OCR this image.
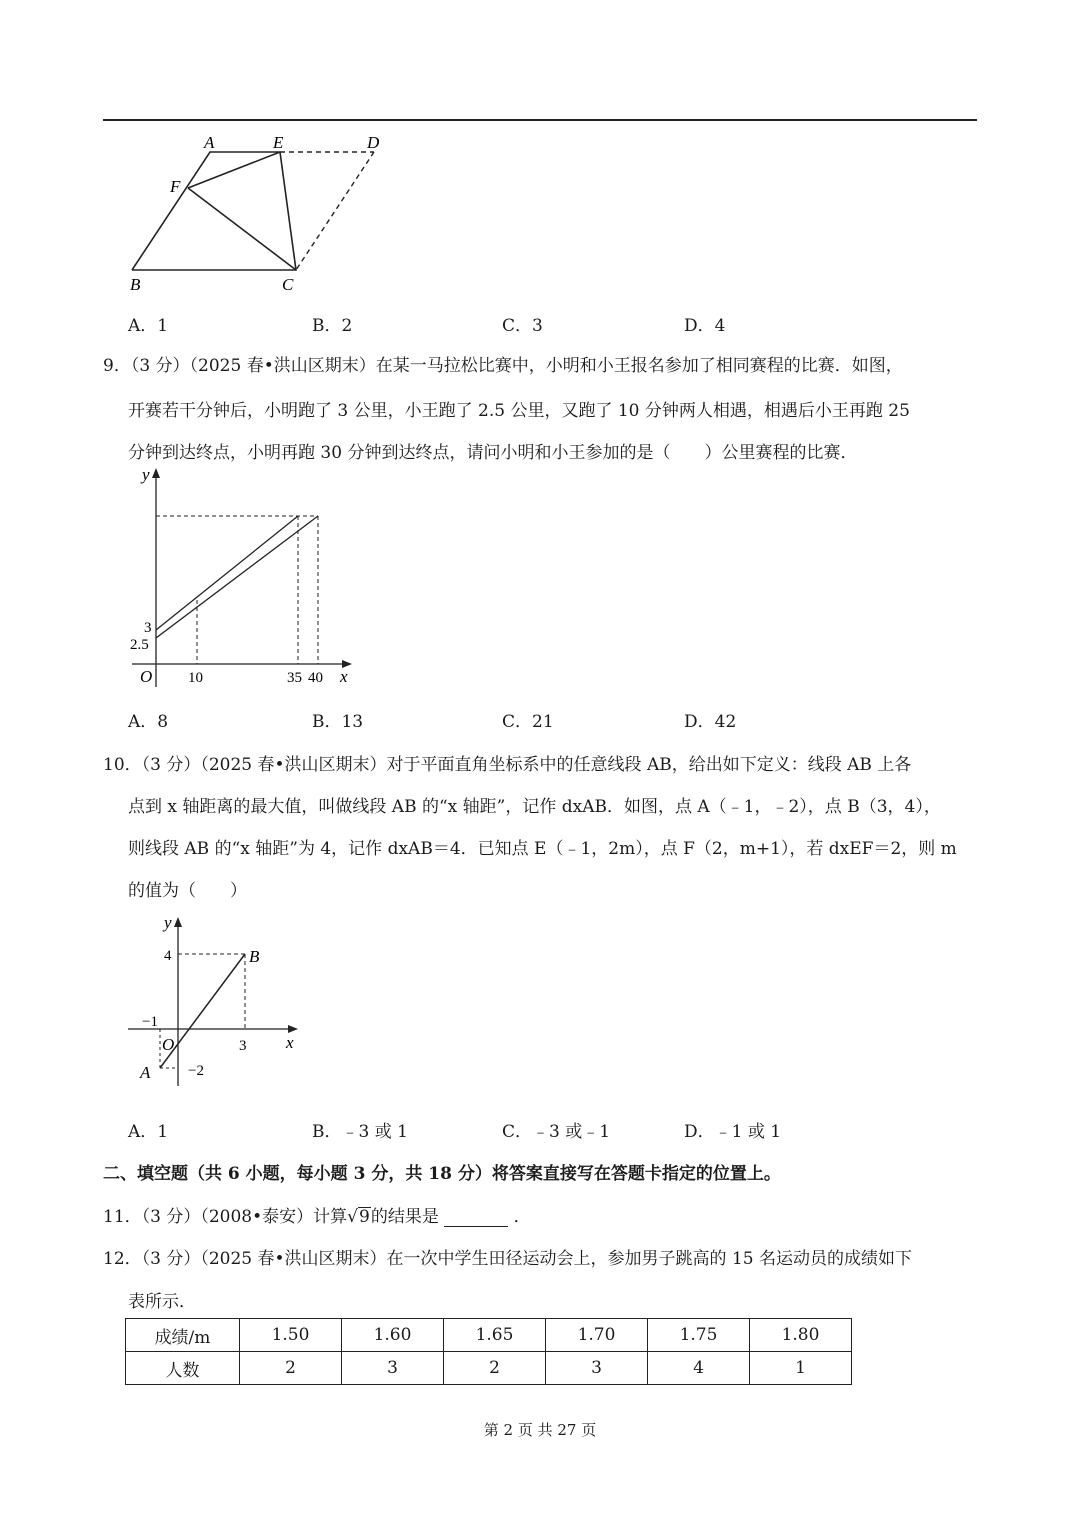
A	E	D
F
B	C
A．1	B．2	C．3	D．4
9．（3 分）（2025 春•洪山区期末）在某一马拉松比赛中，小明和小王报名参加了相同赛程的比赛．如图，
开赛若干分钟后，小明跑了 3 公里，小王跑了 2.5 公里，又跑了 10 分钟两人相遇，相遇后小王再跑 25
分钟到达终点，小明再跑 30 分钟到达终点，请问小明和小王参加的是（　　）公里赛程的比赛．
y
x
O
3
2.5
10	35 40
A．8	B．13	C．21	D．42
10．（3 分）（2025 春•洪山区期末）对于平面直角坐标系中的任意线段 AB，给出如下定义：线段 AB 上各
点到 x 轴距离的最大值，叫做线段 AB 的“x 轴距”，记作 dxAB．如图，点 A（﹣1，﹣2），点 B（3，4），
则线段 AB 的“x 轴距”为 4，记作 dxAB＝4．已知点 E（﹣1，2m），点 F（2，m+1），若 dxEF＝2，则 m
的值为（　　）
y
x
O
4	B
−1
3
A	−2
A．1	B．﹣3 或 1	C．﹣3 或﹣1	D．﹣1 或 1
二、填空题（共 6 小题，每小题 3 分，共 18 分）将答案直接写在答题卡指定的位置上。
11．（3 分）（2008•泰安）计算√9的结果是	．
12．（3 分）（2025 春•洪山区期末）在一次中学生田径运动会上，参加男子跳高的 15 名运动员的成绩如下
表所示．
成绩/m	1.50	1.60	1.65	1.70	1.75	1.80
人数	2	3	2	3	4	1
第 2 页 共 27 页
